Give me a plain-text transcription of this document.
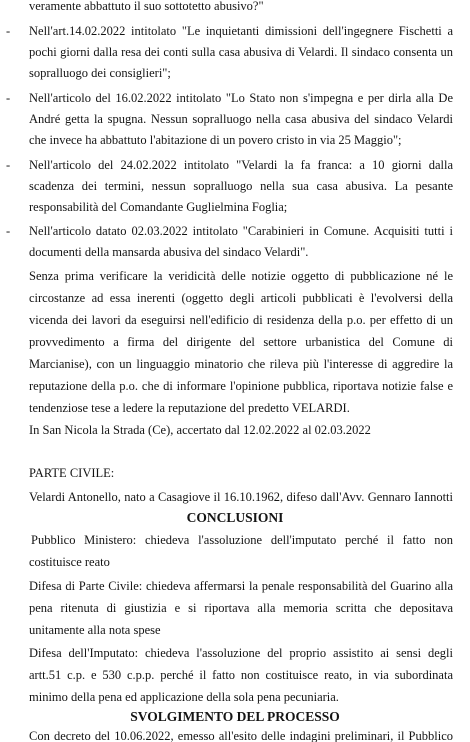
veramente abbattuto il suo sottotetto abusivo?"
- Nell'art.14.02.2022 intitolato "Le inquietanti dimissioni dell'ingegnere Fischetti a
pochi giorni dalla resa dei conti sulla casa abusiva di Velardi. Il sindaco consenta un
sopralluogo dei consiglieri";
- Nell'articolo del 16.02.2022 intitolato "Lo Stato non s'impegna e per dirla alla De
André getta la spugna. Nessun sopralluogo nella casa abusiva del sindaco Velardi
che invece ha abbattuto l'abitazione di un povero cristo in via 25 Maggio";
- Nell'articolo del 24.02.2022 intitolato "Velardi la fa franca: a 10 giorni dalla
scadenza dei termini, nessun sopralluogo nella sua casa abusiva. La pesante
responsabilità del Comandante Guglielmina Foglia;
- Nell'articolo datato 02.03.2022 intitolato "Carabinieri in Comune. Acquisiti tutti i
documenti della mansarda abusiva del sindaco Velardi".
Senza prima verificare la veridicità delle notizie oggetto di pubblicazione né le
circostanze ad essa inerenti (oggetto degli articoli pubblicati è l'evolversi della
vicenda dei lavori da eseguirsi nell'edificio di residenza della p.o. per effetto di un
provvedimento a firma del dirigente del settore urbanistica del Comune di
Marcianise), con un linguaggio minatorio che rileva più l'interesse di aggredire la
reputazione della p.o. che di informare l'opinione pubblica, riportava notizie false e
tendenziose tese a ledere la reputazione del predetto VELARDI.
In San Nicola la Strada (Ce), accertato dal 12.02.2022 al 02.03.2022
PARTE CIVILE:
Velardi Antonello, nato a Casagiove il 16.10.1962, difeso dall'Avv. Gennaro Iannotti
CONCLUSIONI
Pubblico Ministero: chiedeva l'assoluzione dell'imputato perché il fatto non
costituisce reato
Difesa di Parte Civile: chiedeva affermarsi la penale responsabilità del Guarino alla
pena ritenuta di giustizia e si riportava alla memoria scritta che depositava
unitamente alla nota spese
Difesa dell'Imputato: chiedeva l'assoluzione del proprio assistito ai sensi degli
artt.51 c.p. e 530 c.p.p. perché il fatto non costituisce reato, in via subordinata
minimo della pena ed applicazione della sola pena pecuniaria.
SVOLGIMENTO DEL PROCESSO
Con decreto del 10.06.2022, emesso all'esito delle indagini preliminari, il Pubblico
